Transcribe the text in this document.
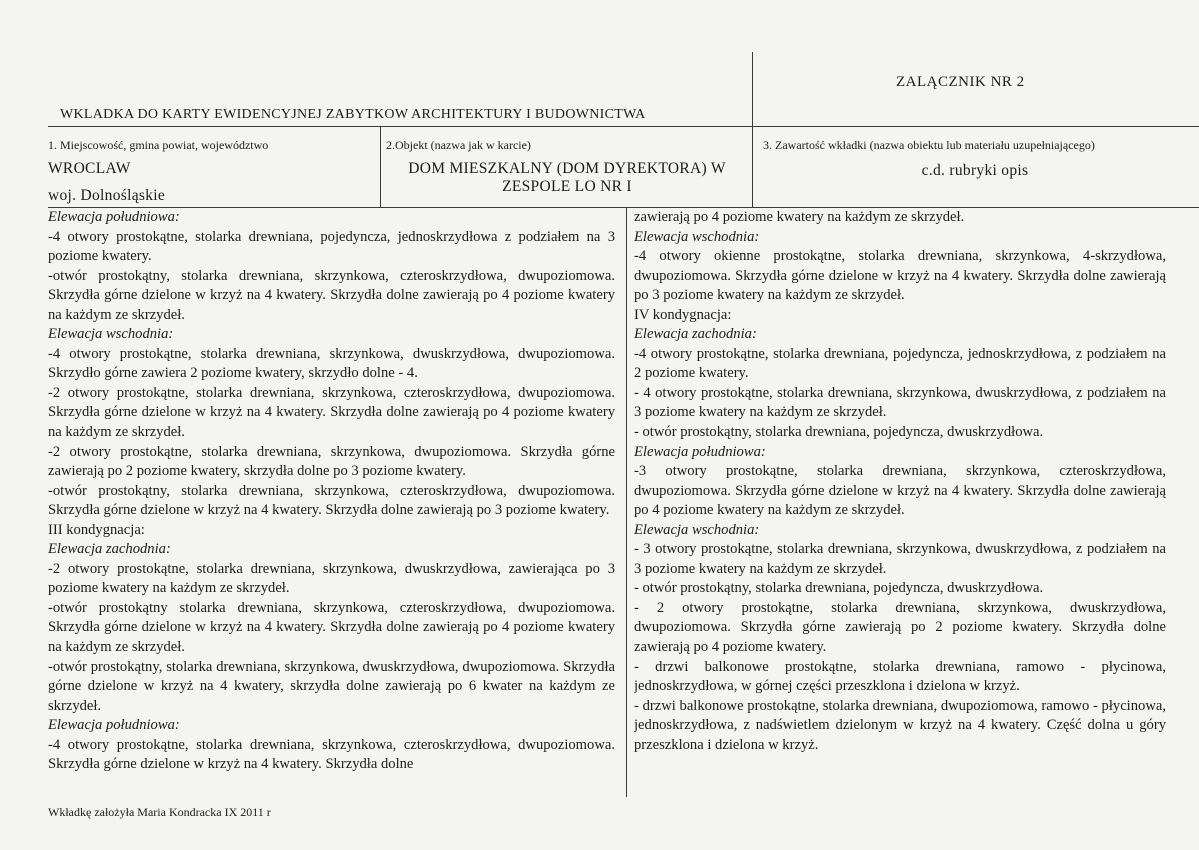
ZALĄCZNIK NR 2
WKLADKA DO KARTY EWIDENCYJNEJ ZABYTKOW ARCHITEKTURY I BUDOWNICTWA
1. Miejscowość, gmina powiat, województwo
WROCLAW
woj. Dolnośląskie
2.Objekt (nazwa jak w karcie)
DOM MIESZKALNY (DOM DYREKTORA) W ZESPOLE LO NR I
3. Zawartość wkładki (nazwa obiektu lub materiału uzupełniającego)
c.d. rubryki opis
Elewacja południowa:
-4 otwory prostokątne, stolarka drewniana, pojedyncza, jednoskrzydłowa z podziałem na 3 poziome kwatery.
-otwór prostokątny, stolarka drewniana, skrzynkowa, czteroskrzydłowa, dwupoziomowa. Skrzydła górne dzielone w krzyż na 4 kwatery. Skrzydła dolne zawierają po 4 poziome kwatery na każdym ze skrzydeł.
Elewacja wschodnia:
-4 otwory prostokątne, stolarka drewniana, skrzynkowa, dwuskrzydłowa, dwupoziomowa. Skrzydło górne zawiera 2 poziome kwatery, skrzydło dolne - 4.
-2 otwory prostokątne, stolarka drewniana, skrzynkowa, czteroskrzydłowa, dwupoziomowa. Skrzydła górne dzielone w krzyż na 4 kwatery. Skrzydła dolne zawierają po 4 poziome kwatery na każdym ze skrzydeł.
-2 otwory prostokątne, stolarka drewniana, skrzynkowa, dwupoziomowa. Skrzydła górne zawierają po 2 poziome kwatery, skrzydła dolne po 3 poziome kwatery.
-otwór prostokątny, stolarka drewniana, skrzynkowa, czteroskrzydłowa, dwupoziomowa. Skrzydła górne dzielone w krzyż na 4 kwatery. Skrzydła dolne zawierają po 3 poziome kwatery.
III kondygnacja:
Elewacja zachodnia:
-2 otwory prostokątne, stolarka drewniana, skrzynkowa, dwuskrzydłowa, zawierająca po 3 poziome kwatery na każdym ze skrzydeł.
-otwór prostokątny stolarka drewniana, skrzynkowa, czteroskrzydłowa, dwupoziomowa. Skrzydła górne dzielone w krzyż na 4 kwatery. Skrzydła dolne zawierają po 4 poziome kwatery na każdym ze skrzydeł.
-otwór prostokątny, stolarka drewniana, skrzynkowa, dwuskrzydłowa, dwupoziomowa. Skrzydła górne dzielone w krzyż na 4 kwatery, skrzydła dolne zawierają po 6 kwater na każdym ze skrzydeł.
Elewacja południowa:
-4 otwory prostokątne, stolarka drewniana, skrzynkowa, czteroskrzydłowa, dwupoziomowa. Skrzydła górne dzielone w krzyż na 4 kwatery. Skrzydła dolne
zawierają po 4 poziome kwatery na każdym ze skrzydeł.
Elewacja wschodnia:
-4 otwory okienne prostokątne, stolarka drewniana, skrzynkowa, 4-skrzydłowa, dwupoziomowa. Skrzydła górne dzielone w krzyż na 4 kwatery. Skrzydła dolne zawierają po 3 poziome kwatery na każdym ze skrzydeł.
IV kondygnacja:
Elewacja zachodnia:
-4 otwory prostokątne, stolarka drewniana, pojedyncza, jednoskrzydłowa, z podziałem na 2 poziome kwatery.
- 4 otwory prostokątne, stolarka drewniana, skrzynkowa, dwuskrzydłowa, z podziałem na 3 poziome kwatery na każdym ze skrzydeł.
- otwór prostokątny, stolarka drewniana, pojedyncza, dwuskrzydłowa.
Elewacja południowa:
-3 otwory prostokątne, stolarka drewniana, skrzynkowa, czteroskrzydłowa, dwupoziomowa. Skrzydła górne dzielone w krzyż na 4 kwatery. Skrzydła dolne zawierają po 4 poziome kwatery na każdym ze skrzydeł.
Elewacja wschodnia:
- 3 otwory prostokątne, stolarka drewniana, skrzynkowa, dwuskrzydłowa, z podziałem na 3 poziome kwatery na każdym ze skrzydeł.
- otwór prostokątny, stolarka drewniana, pojedyncza, dwuskrzydłowa.
- 2 otwory prostokątne, stolarka drewniana, skrzynkowa, dwuskrzydłowa, dwupoziomowa. Skrzydła górne zawierają po 2 poziome kwatery. Skrzydła dolne zawierają po 4 poziome kwatery.
- drzwi balkonowe prostokątne, stolarka drewniana, ramowo - płycinowa, jednoskrzydłowa, w górnej części przeszklona i dzielona w krzyż.
- drzwi balkonowe prostokątne, stolarka drewniana, dwupoziomowa, ramowo - płycinowa, jednoskrzydłowa, z nadświetlem dzielonym w krzyż na 4 kwatery. Część dolna u góry przeszklona i dzielona w krzyż.
Wkładkę założyła Maria Kondracka IX 2011 r
